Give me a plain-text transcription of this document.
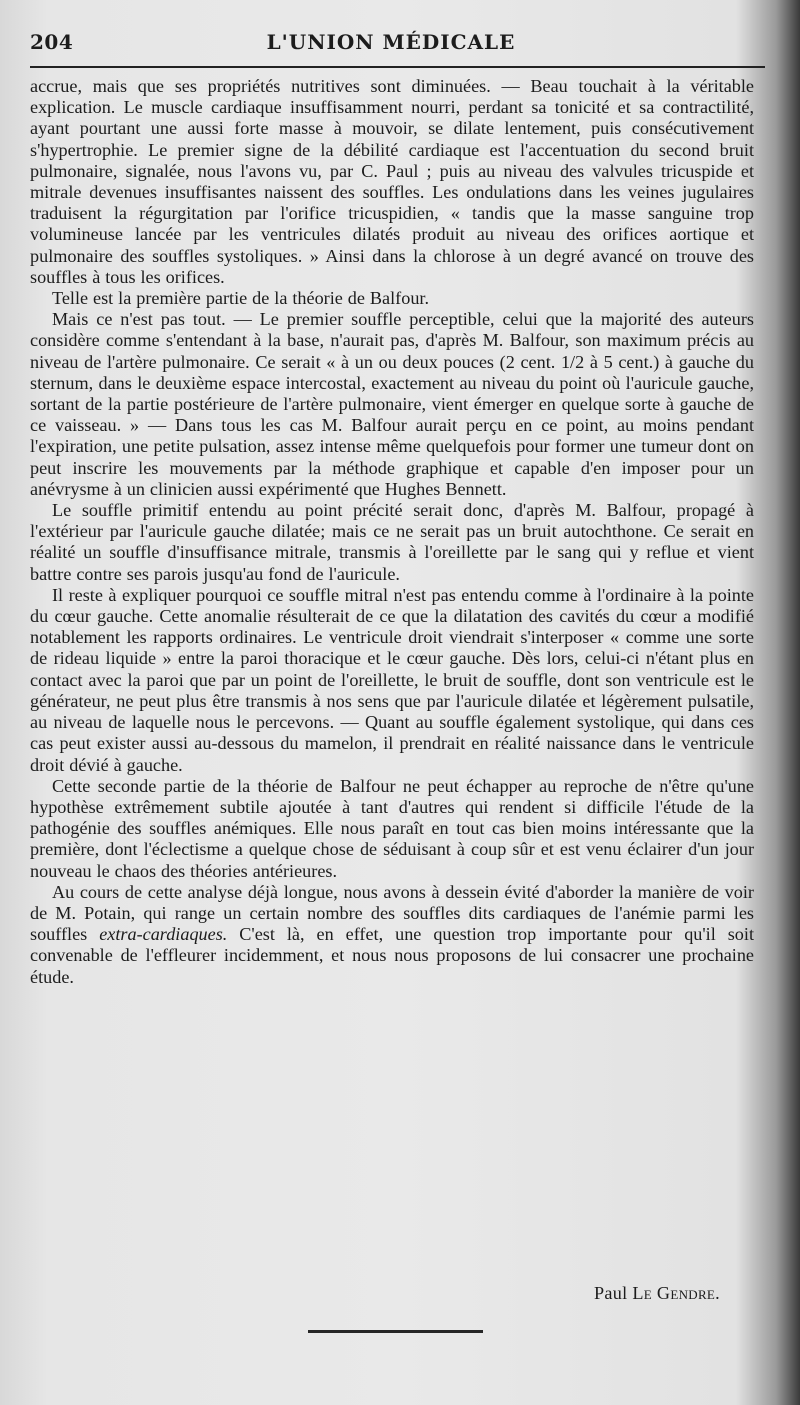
204	L'UNION MÉDICALE

accrue, mais que ses propriétés nutritives sont diminuées. — Beau touchait à la véritable explication. Le muscle cardiaque insuffisamment nourri, perdant sa tonicité et sa contractilité, ayant pourtant une aussi forte masse à mouvoir, se dilate lentement, puis consécutivement s'hypertrophie. Le premier signe de la débilité cardiaque est l'accentuation du second bruit pulmonaire, signalée, nous l'avons vu, par C. Paul ; puis au niveau des valvules tricuspide et mitrale devenues insuffisantes naissent des souffles. Les ondulations dans les veines jugulaires traduisent la régurgitation par l'orifice tricuspidien, « tandis que la masse sanguine trop volumineuse lancée par les ventricules dilatés produit au niveau des orifices aortique et pulmonaire des souffles systoliques. » Ainsi dans la chlorose à un degré avancé on trouve des souffles à tous les orifices.

Telle est la première partie de la théorie de Balfour.

Mais ce n'est pas tout. — Le premier souffle perceptible, celui que la majorité des auteurs considère comme s'entendant à la base, n'aurait pas, d'après M. Balfour, son maximum précis au niveau de l'artère pulmonaire. Ce serait « à un ou deux pouces (2 cent. 1/2 à 5 cent.) à gauche du sternum, dans le deuxième espace intercostal, exactement au niveau du point où l'auricule gauche, sortant de la partie postérieure de l'artère pulmonaire, vient émerger en quelque sorte à gauche de ce vaisseau. » — Dans tous les cas M. Balfour aurait perçu en ce point, au moins pendant l'expiration, une petite pulsation, assez intense même quelquefois pour former une tumeur dont on peut inscrire les mouvements par la méthode graphique et capable d'en imposer pour un anévrysme à un clinicien aussi expérimenté que Hughes Bennett.

Le souffle primitif entendu au point précité serait donc, d'après M. Balfour, propagé à l'extérieur par l'auricule gauche dilatée; mais ce ne serait pas un bruit autochthone. Ce serait en réalité un souffle d'insuffisance mitrale, transmis à l'oreillette par le sang qui y reflue et vient battre contre ses parois jusqu'au fond de l'auricule.

Il reste à expliquer pourquoi ce souffle mitral n'est pas entendu comme à l'ordinaire à la pointe du cœur gauche. Cette anomalie résulterait de ce que la dilatation des cavités du cœur a modifié notablement les rapports ordinaires. Le ventricule droit viendrait s'interposer « comme une sorte de rideau liquide » entre la paroi thoracique et le cœur gauche. Dès lors, celui-ci n'étant plus en contact avec la paroi que par un point de l'oreillette, le bruit de souffle, dont son ventricule est le générateur, ne peut plus être transmis à nos sens que par l'auricule dilatée et légèrement pulsatile, au niveau de laquelle nous le percevons. — Quant au souffle également systolique, qui dans ces cas peut exister aussi au-dessous du mamelon, il prendrait en réalité naissance dans le ventricule droit dévié à gauche.

Cette seconde partie de la théorie de Balfour ne peut échapper au reproche de n'être qu'une hypothèse extrêmement subtile ajoutée à tant d'autres qui rendent si difficile l'étude de la pathogénie des souffles anémiques. Elle nous paraît en tout cas bien moins intéressante que la première, dont l'éclectisme a quelque chose de séduisant à coup sûr et est venu éclairer d'un jour nouveau le chaos des théories antérieures.

Au cours de cette analyse déjà longue, nous avons à dessein évité d'aborder la manière de voir de M. Potain, qui range un certain nombre des souffles dits cardiaques de l'anémie parmi les souffles extra-cardiaques. C'est là, en effet, une question trop importante pour qu'il soit convenable de l'effleurer incidemment, et nous nous proposons de lui consacrer une prochaine étude.

Paul Le Gendre.
